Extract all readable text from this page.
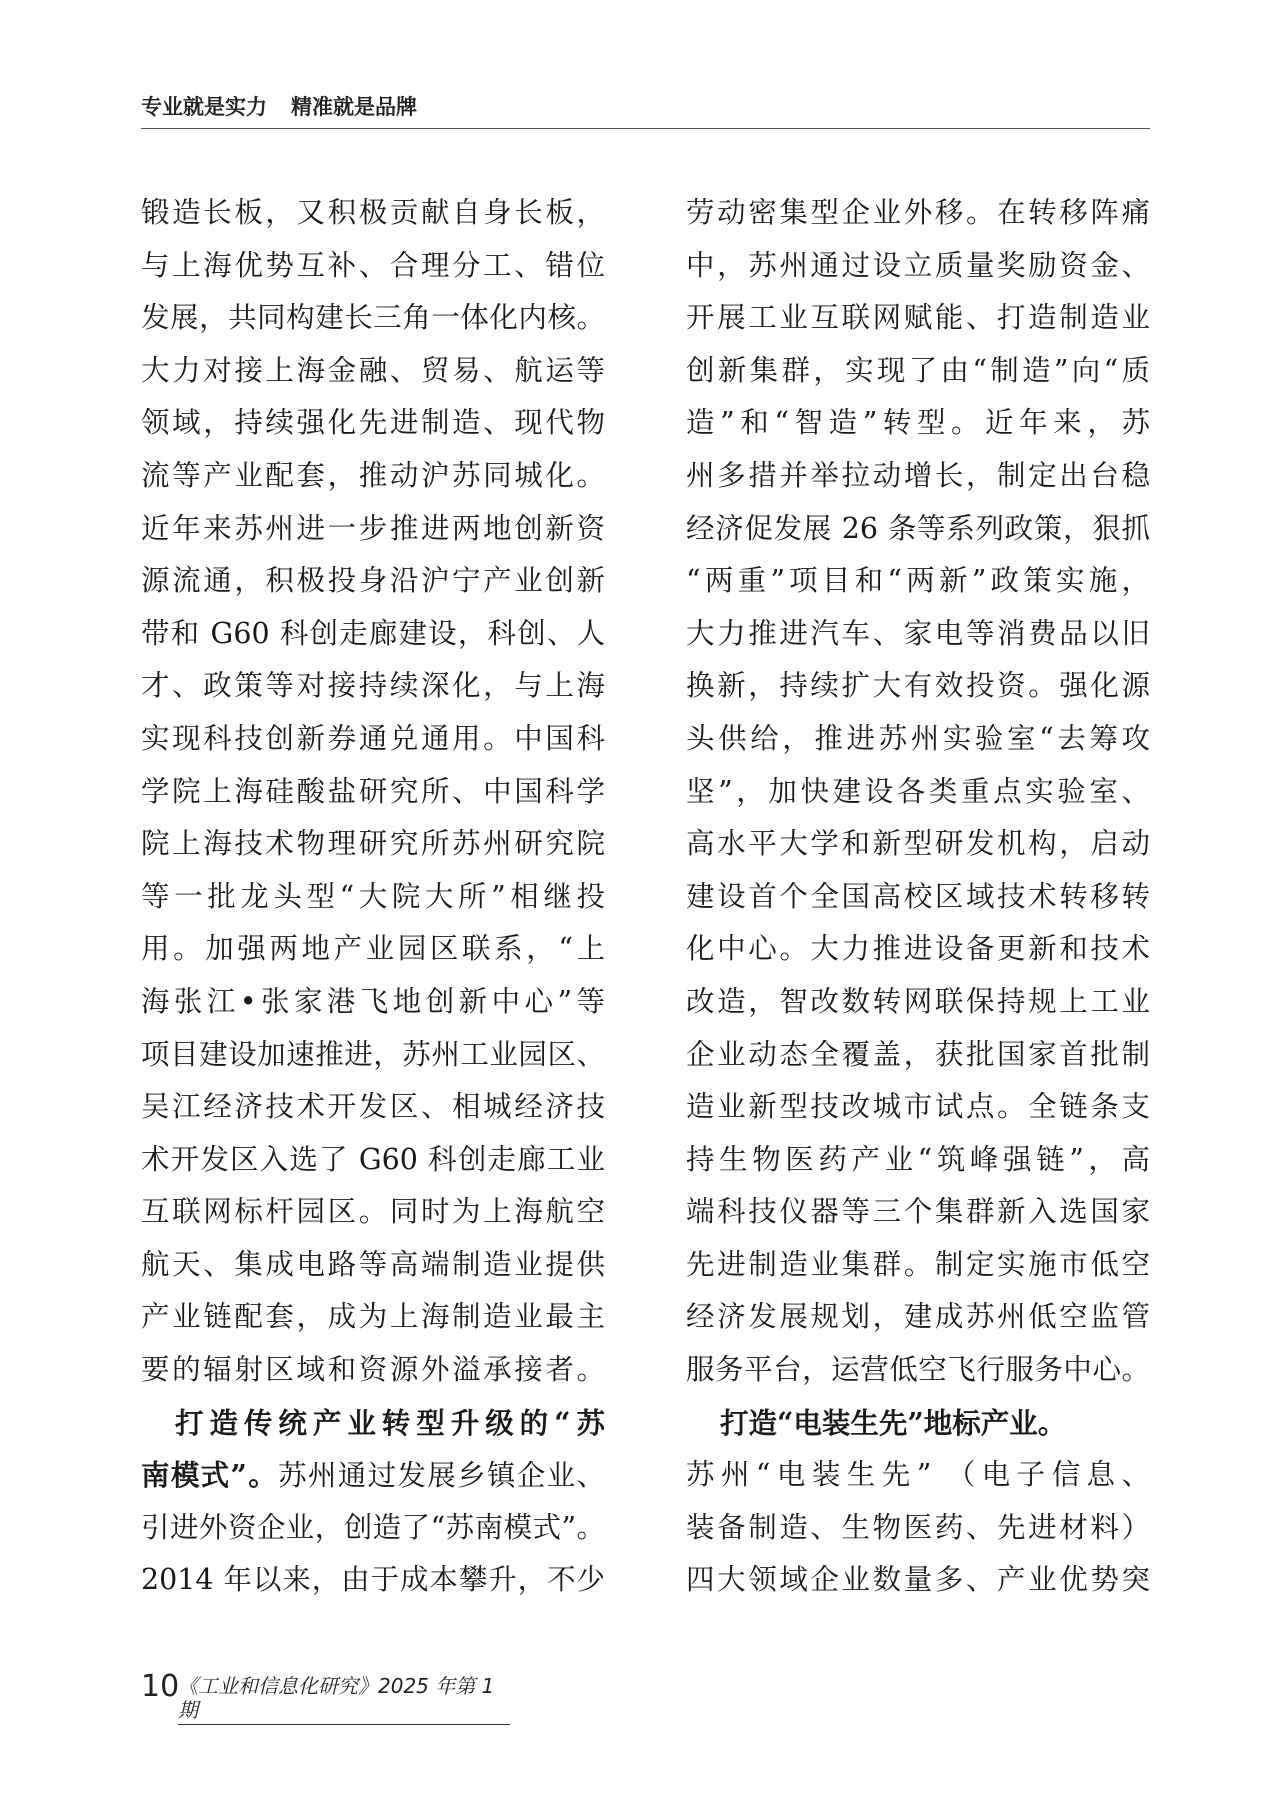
专业就是实力 精准就是品牌
锻造长板，又积极贡献自身长板，
与上海优势互补、合理分工、错位
发展，共同构建长三角一体化内核。
大力对接上海金融、贸易、航运等
领域，持续强化先进制造、现代物
流等产业配套，推动沪苏同城化。
近年来苏州进一步推进两地创新资
源流通，积极投身沿沪宁产业创新
带和 G60 科创走廊建设，科创、人
才、政策等对接持续深化，与上海
实现科技创新券通兑通用。中国科
学院上海硅酸盐研究所、中国科学
院上海技术物理研究所苏州研究院
等一批龙头型“大院大所”相继投
用。加强两地产业园区联系，“上
海张江•张家港飞地创新中心”等
项目建设加速推进，苏州工业园区、
吴江经济技术开发区、相城经济技
术开发区入选了 G60 科创走廊工业
互联网标杆园区。同时为上海航空
航天、集成电路等高端制造业提供
产业链配套，成为上海制造业最主
要的辐射区域和资源外溢承接者。
打造传统产业转型升级的“苏
南模式”。苏州通过发展乡镇企业、
引进外资企业，创造了“苏南模式”。
2014 年以来，由于成本攀升，不少
劳动密集型企业外移。在转移阵痛
中，苏州通过设立质量奖励资金、
开展工业互联网赋能、打造制造业
创新集群，实现了由“制造”向“质
造”和“智造”转型。近年来，苏
州多措并举拉动增长，制定出台稳
经济促发展 26 条等系列政策，狠抓
“两重”项目和“两新”政策实施，
大力推进汽车、家电等消费品以旧
换新，持续扩大有效投资。强化源
头供给，推进苏州实验室“去筹攻
坚”，加快建设各类重点实验室、
高水平大学和新型研发机构，启动
建设首个全国高校区域技术转移转
化中心。大力推进设备更新和技术
改造，智改数转网联保持规上工业
企业动态全覆盖，获批国家首批制
造业新型技改城市试点。全链条支
持生物医药产业“筑峰强链”，高
端科技仪器等三个集群新入选国家
先进制造业集群。制定实施市低空
经济发展规划，建成苏州低空监管
服务平台，运营低空飞行服务中心。
打造“电装生先”地标产业。
苏州“电装生先” （电子信息、
装备制造、生物医药、先进材料）
四大领域企业数量多、产业优势突
10
《工业和信息化研究》2025 年第 1 期
